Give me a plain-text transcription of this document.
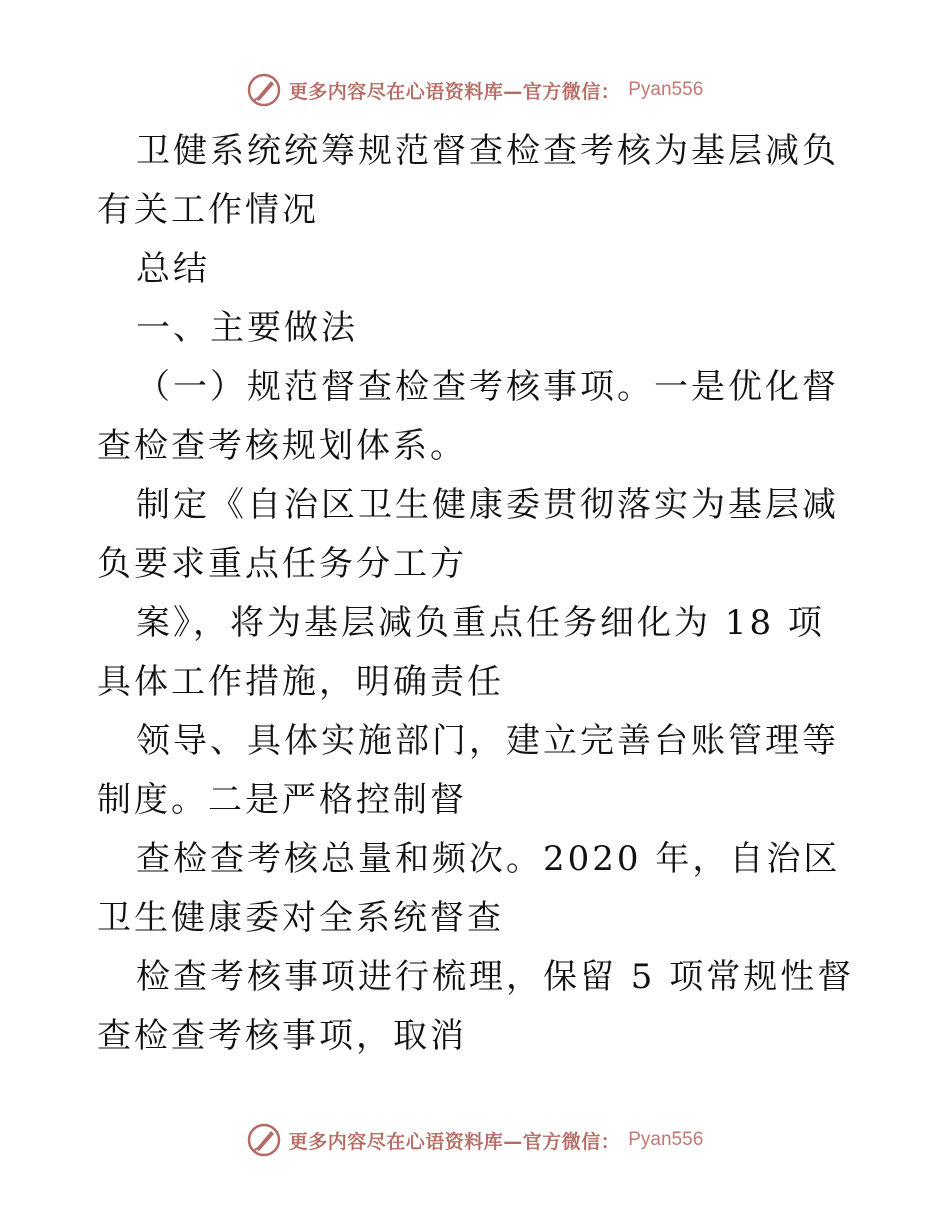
更多内容尽在心语资料库—官方微信： Pyan556

卫健系统统筹规范督查检查考核为基层减负有关工作情况

总结

一、主要做法

（一）规范督查检查考核事项。一是优化督查检查考核规划体系。

制定《自治区卫生健康委贯彻落实为基层减负要求重点任务分工方

案》，将为基层减负重点任务细化为 18 项具体工作措施，明确责任

领导、具体实施部门，建立完善台账管理等制度。二是严格控制督

查检查考核总量和频次。2020 年，自治区卫生健康委对全系统督查

检查考核事项进行梳理，保留 5 项常规性督查检查考核事项，取消

更多内容尽在心语资料库—官方微信： Pyan556
